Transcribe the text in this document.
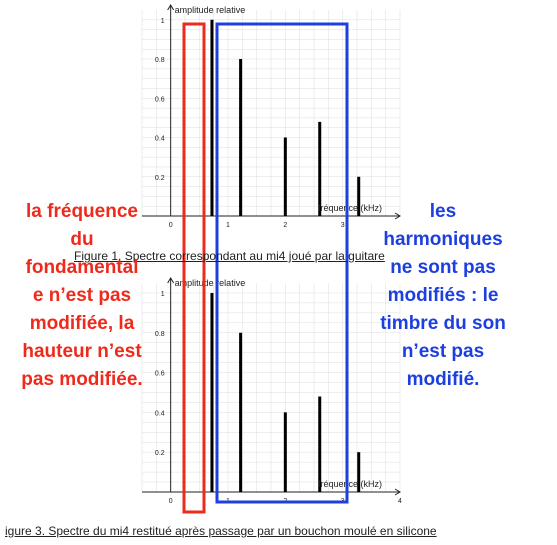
0.2
0.4
0.6
0.8
1
0	1	2	3
amplitude relative
fréquence (kHz)
0.2
0.4
0.6
0.8
1
0	1	2	3	4
amplitude relative
fréquence (kHz)
Figure 1. Spectre correspondant au mi4 joué par la guitare
igure 3. Spectre du mi4 restitué après passage par un bouchon moulé en silicone
la fréquence
du
fondamental
e n’est pas
modifiée, la
hauteur n’est
pas modifiée.
les
harmoniques
ne sont pas
modifiés : le
timbre du son
n’est pas
modifié.
